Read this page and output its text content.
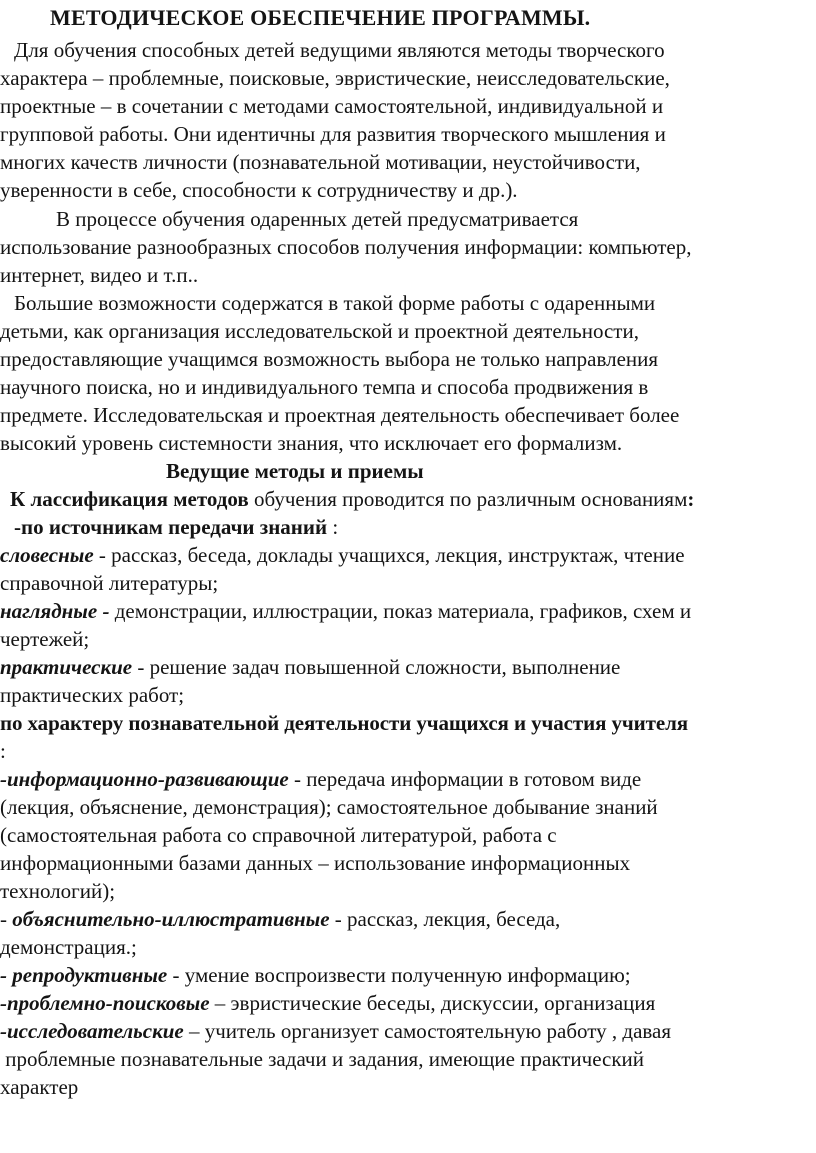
МЕТОДИЧЕСКОЕ ОБЕСПЕЧЕНИЕ ПРОГРАММЫ.
Для обучения способных детей ведущими являются методы творческого
характера – проблемные, поисковые, эвристические, неисследовательские,
проектные – в сочетании с методами самостоятельной, индивидуальной и
групповой работы. Они идентичны для развития творческого мышления и
многих качеств личности (познавательной мотивации, неустойчивости,
уверенности в себе, способности к сотрудничеству и др.).
В процессе обучения одаренных детей предусматривается
использование разнообразных способов получения информации: компьютер,
интернет, видео и т.п..
Большие возможности содержатся в такой форме работы с одаренными
детьми, как организация исследовательской и проектной деятельности,
предоставляющие учащимся возможность выбора не только направления
научного поиска, но и индивидуального темпа и способа продвижения в
предмете. Исследовательская и проектная деятельность обеспечивает более
высокий уровень системности знания, что исключает его формализм.
Ведущие методы и приемы
К лассификация методов обучения проводится по различным основаниям:
-по источникам передачи знаний :
словесные - рассказ, беседа, доклады учащихся, лекция, инструктаж, чтение
справочной литературы;
наглядные - демонстрации, иллюстрации, показ материала, графиков, схем и
чертежей;
практические - решение задач повышенной сложности, выполнение
практических работ;
по характеру познавательной деятельности учащихся и участия учителя
:
-информационно-развивающие - передача информации в готовом виде
(лекция, объяснение, демонстрация); самостоятельное добывание знаний
(самостоятельная работа со справочной литературой, работа с
информационными базами данных – использование информационных
технологий);
- объяснительно-иллюстративные - рассказ, лекция, беседа,
демонстрация.;
- репродуктивные - умение воспроизвести полученную информацию;
-проблемно-поисковые – эвристические беседы, дискуссии, организация
-исследовательские – учитель организует самостоятельную работу , давая
проблемные познавательные задачи и задания, имеющие практический
характер
